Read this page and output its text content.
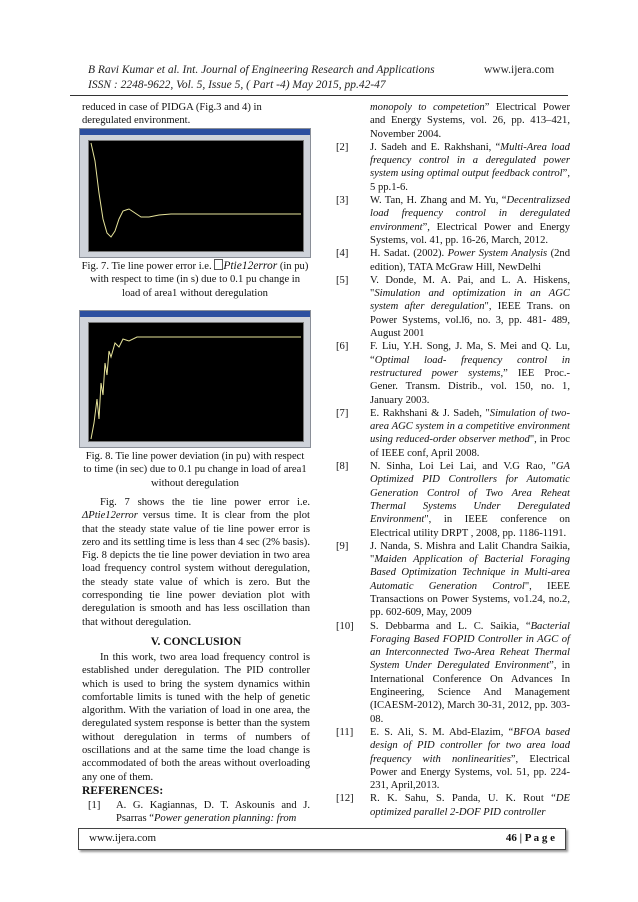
B Ravi Kumar et al. Int. Journal of Engineering Research and Applications	www.ijera.com
ISSN : 2248-9622, Vol. 5, Issue 5, ( Part -4) May 2015, pp.42-47
reduced in case of PIDGA (Fig.3 and 4) in
deregulated environment.
Fig. 7. Tie line power error i.e. Ptie12error (in pu)
with respect to time (in s) due to 0.1 pu change in
load of area1 without deregulation
Fig. 8. Tie line power deviation (in pu) with respect
to time (in sec) due to 0.1 pu change in load of area1
without deregulation
Fig. 7 shows the tie line power error i.e. ΔPtie12error versus time. It is clear from the plot that the steady state value of tie line power error is zero and its settling time is less than 4 sec (2% basis). Fig. 8 depicts the tie line power deviation in two area load frequency control system without deregulation, the steady state value of which is zero. But the corresponding tie line power deviation plot with deregulation is smooth and has less oscillation than that without deregulation.
V. CONCLUSION
In this work, two area load frequency control is established under deregulation. The PID controller which is used to bring the system dynamics within comfortable limits is tuned with the help of genetic algorithm. With the variation of load in one area, the deregulated system response is better than the system without deregulation in terms of numbers of oscillations and at the same time the load change is accommodated of both the areas without overloading any one of them.
REFERENCES:
[1] A. G. Kagiannas, D. T. Askounis and J. Psarras “Power generation planning: from
monopoly to competetion” Electrical Power and Energy Systems, vol. 26, pp. 413–421, November 2004.
[2] J. Sadeh and E. Rakhshani, “Multi-Area load frequency control in a deregulated power system using optimal output feedback control”, 5 pp.1-6.
[3] W. Tan, H. Zhang and M. Yu, “Decentralizsed load frequency control in deregulated environment”, Electrical Power and Energy Systems, vol. 41, pp. 16-26, March, 2012.
[4] H. Sadat. (2002). Power System Analysis (2nd edition), TATA McGraw Hill, NewDelhi
[5] V. Donde, M. A. Pai, and L. A. Hiskens, "Simulation and optimization in an AGC system after deregulation", IEEE Trans. on Power Systems, vol.l6, no. 3, pp. 481- 489, August 2001
[6] F. Liu, Y.H. Song, J. Ma, S. Mei and Q. Lu, “Optimal load- frequency control in restructured power systems,” IEE Proc.- Gener. Transm. Distrib., vol. 150, no. 1, January 2003.
[7] E. Rakhshani & J. Sadeh, "Simulation of two-area AGC system in a competitive environment using reduced-order observer method", in Proc of IEEE conf, April 2008.
[8] N. Sinha, Loi Lei Lai, and V.G Rao, "GA Optimized PID Controllers for Automatic Generation Control of Two Area Reheat Thermal Systems Under Deregulated Environment", in IEEE conference on Electrical utility DRPT , 2008, pp. 1186-1191.
[9] J. Nanda, S. Mishra and Lalit Chandra Saikia, "Maiden Application of Bacterial Foraging Based Optimization Technique in Multi-area Automatic Generation Control", IEEE Transactions on Power Systems, vo1.24, no.2, pp. 602-609, May, 2009
[10] S. Debbarma and L. C. Saikia, “Bacterial Foraging Based FOPID Controller in AGC of an Interconnected Two-Area Reheat Thermal System Under Deregulated Environment”, in International Conference On Advances In Engineering, Science And Management (ICAESM-2012), March 30-31, 2012, pp. 303-08.
[11] E. S. Ali, S. M. Abd-Elazim, “BFOA based design of PID controller for two area load frequency with nonlinearities”, Electrical Power and Energy Systems, vol. 51, pp. 224-231, April,2013.
[12] R. K. Sahu, S. Panda, U. K. Rout “DE optimized parallel 2-DOF PID controller
www.ijera.com	46 | P a g e
